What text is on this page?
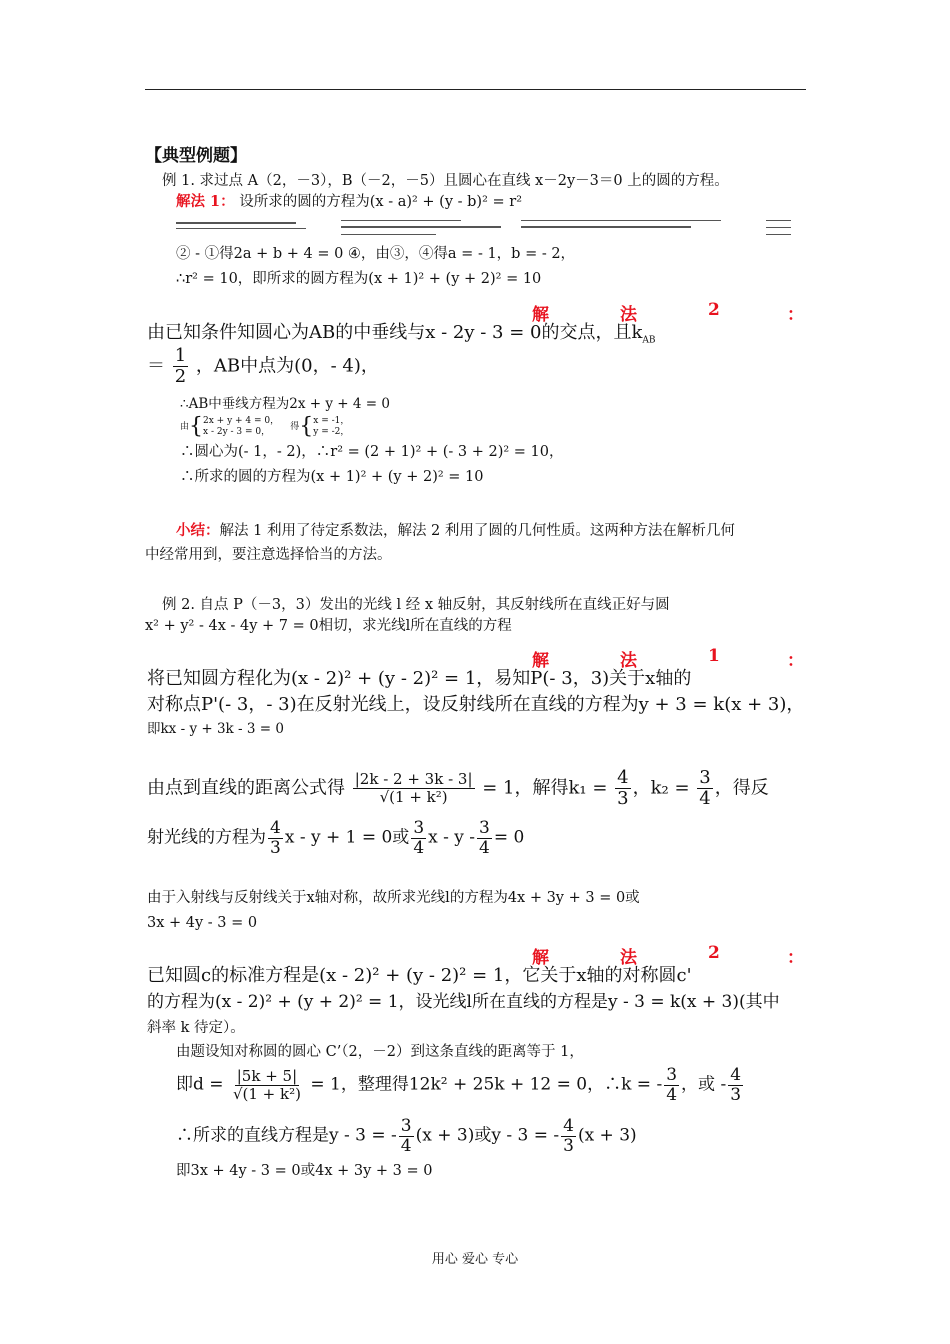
【典型例题】
例 1. 求过点 A（2，－3），B（－2，－5）且圆心在直线 x－2y－3＝0 上的圆的方程。
解法 1： 设所求的圆的方程为(x - a)² + (y - b)² = r²
② - ①得2a + b + 4 = 0 ④，由③，④得a = - 1，b = - 2，
∴r² = 10，即所求的圆方程为(x + 1)² + (y + 2)² = 10
解	法	2	：
由已知条件知圆心为AB的中垂线与x - 2y - 3 = 0的交点，且$k_{AB}$
＝ $\frac{1}{2}$ ，AB中点为(0，- 4)，
∴AB中垂线方程为2x + y + 4 = 0
由{ 2x + y + 4 = 0，
x - 2y - 3 = 0，
得{ x = -1，
y = -2，
∴圆心为(- 1，- 2)，∴r² = (2 + 1)² + (- 3 + 2)² = 10，
∴所求的圆的方程为(x + 1)² + (y + 2)² = 10
小结：解法 1 利用了待定系数法，解法 2 利用了圆的几何性质。这两种方法在解析几何
中经常用到，要注意选择恰当的方法。
例 2. 自点 P（－3，3）发出的光线 l 经 x 轴反射，其反射线所在直线正好与圆
x² + y² - 4x - 4y + 7 = 0相切，求光线l所在直线的方程
解	法	1	：
将已知圆方程化为(x - 2)² + (y - 2)² = 1，易知P(- 3，3)关于x轴的
对称点P'(- 3，- 3)在反射光线上，设反射线所在直线的方程为y + 3 = k(x + 3)，
即kx - y + 3k - 3 = 0
由点到直线的距离公式得 $\frac{|2k - 2 + 3k - 3|}{\text{√(1 + k²)}} = 1$，解得$k_1 = \frac{4}{3}$ ，$k_2 = \frac{3}{4}$ ，得反
射光线的方程为 $\frac{4}{3}$ x - y + 1 = 0或 $\frac{3}{4}$ $x - y - \frac{3}{4} = 0$
由于入射线与反射线关于x轴对称，故所求光线l的方程为4x + 3y + 3 = 0或
3x + 4y - 3 = 0
解	法	2	：
已知圆c的标准方程是(x - 2)² + (y - 2)² = 1，它关于x轴的对称圆c'
的方程为(x - 2)² + (y + 2)² = 1，设光线l所在直线的方程是y - 3 = k(x + 3)(其中
斜率 k 待定）。
由题设知对称圆的圆心 C’（2，－2）到这条直线的距离等于 1，
即$d = \frac{|5k + 5|}{\text{√(1 + k²)}} = 1$，整理得12k² + 25k + 12 = 0，∴k = - $\frac{3}{4}$ ，或 - $\frac{4}{3}$
∴所求的直线方程是y - 3 = - $\frac{3}{4} (x + 3)$或y - 3 = - $\frac{4}{3} (x + 3)$
即3x + 4y - 3 = 0或4x + 3y + 3 = 0
用心 爱心 专心
